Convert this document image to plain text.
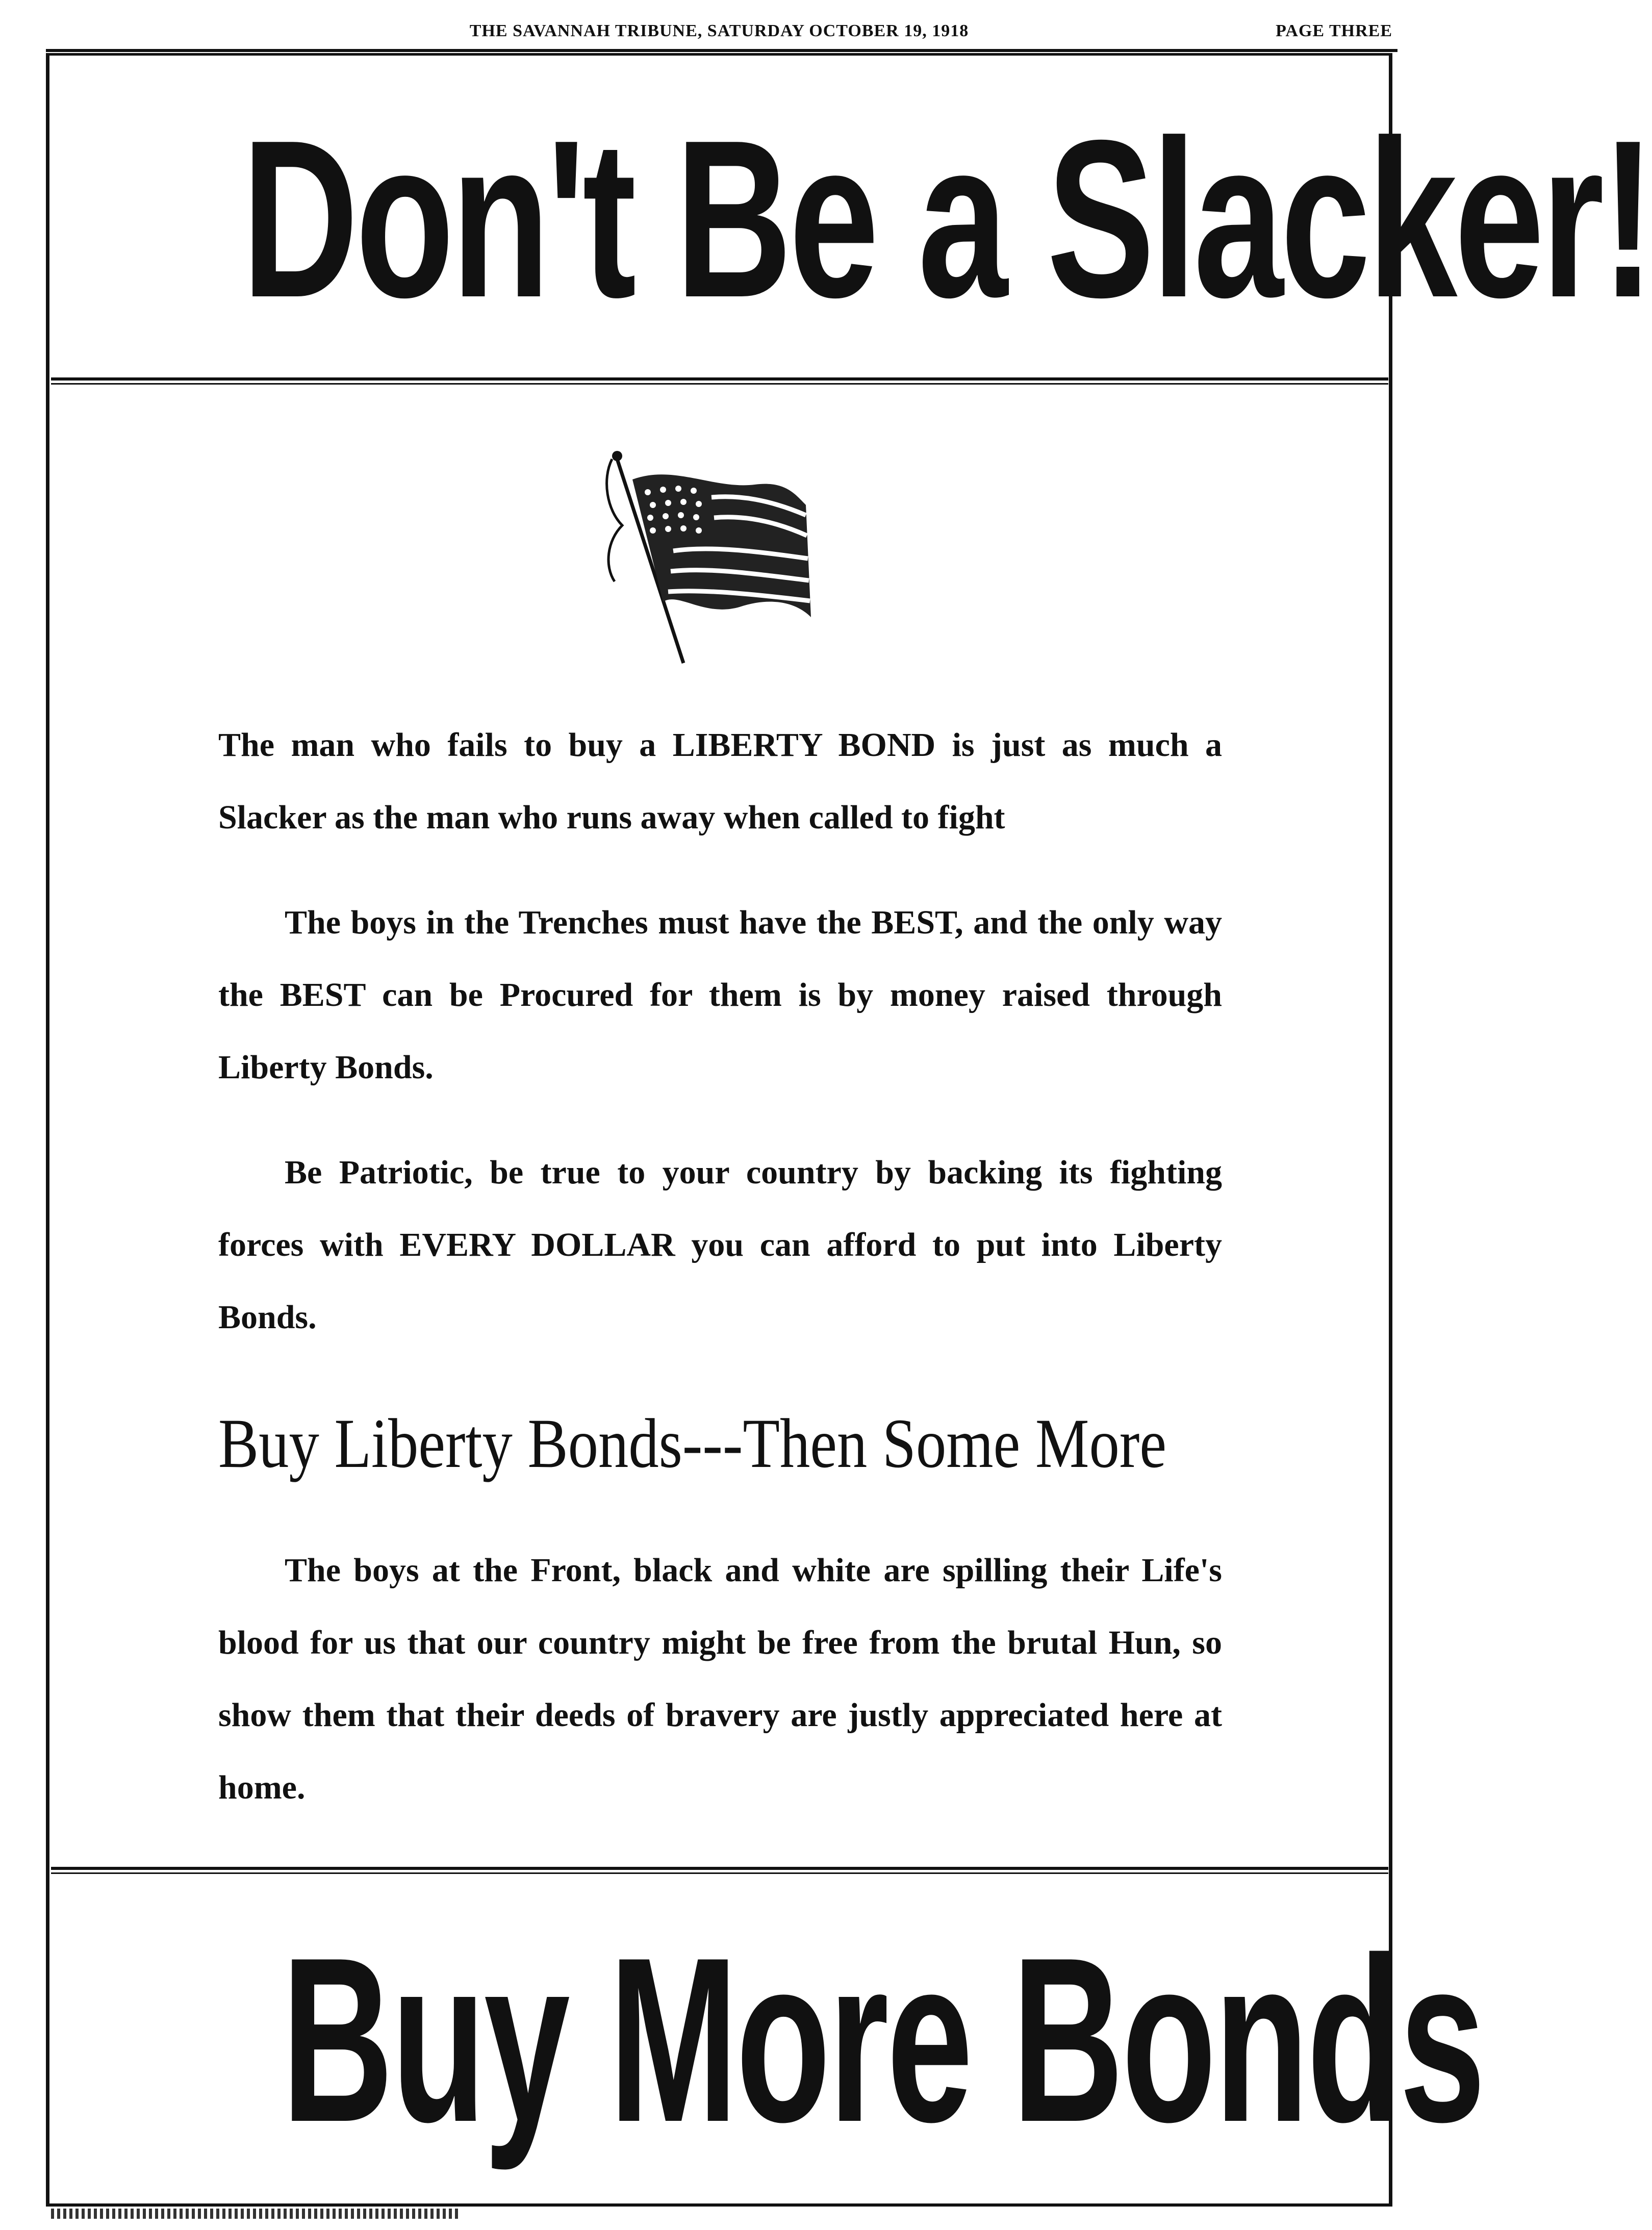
THE SAVANNAH TRIBUNE, SATURDAY OCTOBER 19, 1918	PAGE THREE
Don't Be a Slacker!
The man who fails to buy a LIBERTY BOND is just as much a Slacker as the man who runs away when called to fight
The boys in the Trenches must have the BEST, and the only way the BEST can be Procured for them is by money raised through Liberty Bonds.
Be Patriotic, be true to your country by backing its fighting forces with EVERY DOLLAR you can afford to put into Liberty Bonds.
Buy Liberty Bonds---Then Some More
The boys at the Front, black and white are spilling their Life's blood for us that our country might be free from the brutal Hun, so show them that their deeds of bravery are justly appreciated here at home.
Buy More Bonds
